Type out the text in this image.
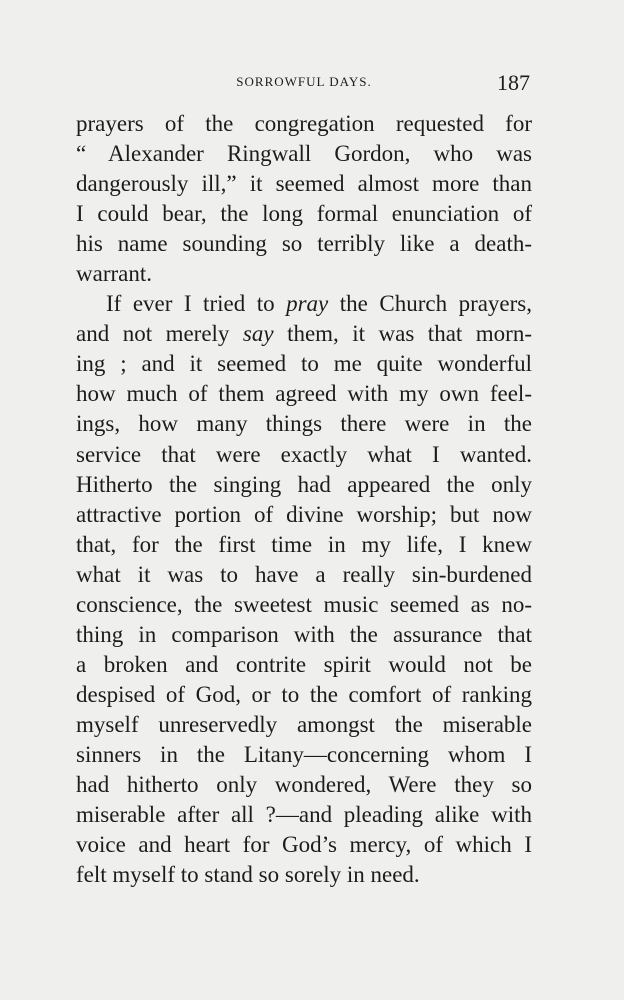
SORROWFUL DAYS.	187
prayers of the congregation requested for
“ Alexander Ringwall Gordon, who was
dangerously ill,” it seemed almost more than
I could bear, the long formal enunciation of
his name sounding so terribly like a death-
warrant.
If ever I tried to pray the Church prayers,
and not merely say them, it was that morn-
ing ; and it seemed to me quite wonderful
how much of them agreed with my own feel-
ings, how many things there were in the
service that were exactly what I wanted.
Hitherto the singing had appeared the only
attractive portion of divine worship; but now
that, for the first time in my life, I knew
what it was to have a really sin-burdened
conscience, the sweetest music seemed as no-
thing in comparison with the assurance that
a broken and contrite spirit would not be
despised of God, or to the comfort of ranking
myself unreservedly amongst the miserable
sinners in the Litany—concerning whom I
had hitherto only wondered, Were they so
miserable after all ?—and pleading alike with
voice and heart for God’s mercy, of which I
felt myself to stand so sorely in need.
